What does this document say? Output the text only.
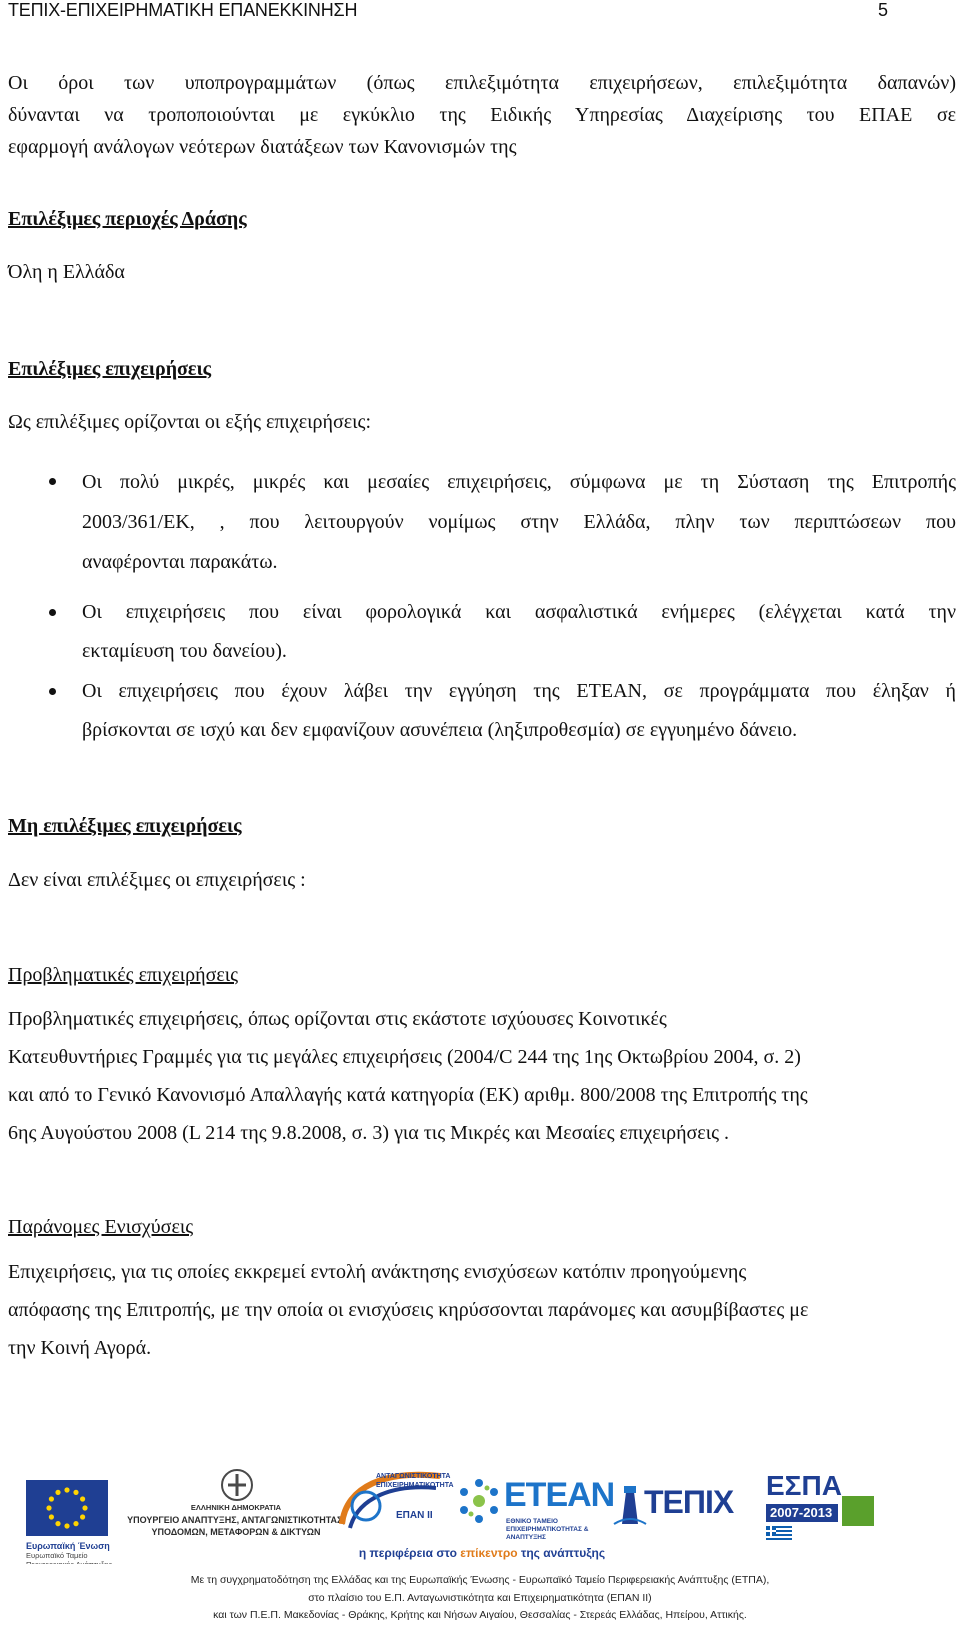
ΤΕΠΙΧ-ΕΠΙΧΕΙΡΗΜΑΤΙΚΗ ΕΠΑΝΕΚΚΙΝΗΣΗ	5
Οι όροι των υποπρογραμμάτων (όπως επιλεξιμότητα επιχειρήσεων, επιλεξιμότητα δαπανών)
δύνανται να τροποποιούνται με εγκύκλιο της Ειδικής Υπηρεσίας Διαχείρισης του ΕΠΑΕ σε
εφαρμογή ανάλογων νεότερων διατάξεων των Κανονισμών της
Επιλέξιμες περιοχές Δράσης
Όλη η Ελλάδα
Επιλέξιμες επιχειρήσεις
Ως επιλέξιμες ορίζονται οι εξής επιχειρήσεις:
Οι πολύ μικρές, μικρές και μεσαίες επιχειρήσεις, σύμφωνα με τη Σύσταση της Επιτροπής
2003/361/ΕΚ, , που λειτουργούν νομίμως στην Ελλάδα, πλην των περιπτώσεων που
αναφέρονται παρακάτω.
Οι επιχειρήσεις που είναι φορολογικά και ασφαλιστικά ενήμερες (ελέγχεται κατά την
εκταμίευση του δανείου).
Οι επιχειρήσεις που έχουν λάβει την εγγύηση της ΕΤΕΑΝ, σε προγράμματα που έληξαν ή
βρίσκονται σε ισχύ και δεν εμφανίζουν ασυνέπεια (ληξιπροθεσμία) σε εγγυημένο δάνειο.
Μη επιλέξιμες επιχειρήσεις
Δεν είναι επιλέξιμες οι επιχειρήσεις :
Προβληματικές επιχειρήσεις
Προβληματικές επιχειρήσεις, όπως ορίζονται στις εκάστοτε ισχύουσες Κοινοτικές
Κατευθυντήριες Γραμμές για τις μεγάλες επιχειρήσεις (2004/C 244 της 1ης Οκτωβρίου 2004, σ. 2)
και από το Γενικό Κανονισμό Απαλλαγής κατά κατηγορία (ΕΚ) αριθμ. 800/2008 της Επιτροπής της
6ης Αυγούστου 2008 (L 214 της 9.8.2008, σ. 3) για τις Μικρές και Μεσαίες επιχειρήσεις .
Παράνομες Ενισχύσεις
Επιχειρήσεις, για τις οποίες εκκρεμεί εντολή ανάκτησης ενισχύσεων κατόπιν προηγούμενης
απόφασης της Επιτροπής, με την οποία οι ενισχύσεις κηρύσσονται παράνομες και ασυμβίβαστες με
την Κοινή Αγορά.
Ευρωπαϊκή Ένωση
Ευρωπαϊκό Ταμείο
ΕΛΛΗΝΙΚΗ ΔΗΜΟΚΡΑΤΙΑ
ΥΠΟΥΡΓΕΙΟ ΑΝΑΠΤΥΞΗΣ, ΑΝΤΑΓΩΝΙΣΤΙΚΟΤΗΤΑΣ, ΥΠΟΔΟΜΩΝ, ΜΕΤΑΦΟΡΩΝ & ΔΙΚΤΥΩΝ
ΑΝΤΑΓΩΝΙΣΤΙΚΟΤΗΤΑ ΕΠΙΧΕΙΡΗΜΑΤΙΚΟΤΗΤΑ
ΕΠΑΝ ΙΙ
ΕΤΕΑΝ
ΕΘΝΙΚΟ ΤΑΜΕΙΟ ΕΠΙΧΕΙΡΗΜΑΤΙΚΟΤΗΤΑΣ & ΑΝΑΠΤΥΞΗΣ
ΤΕΠΙΧ ΕΣΠΑ
2007-2013
η περιφέρεια στο επίκεντρο της ανάπτυξης
Με τη συγχρηματοδότηση της Ελλάδας και της Ευρωπαϊκής Ένωσης - Ευρωπαϊκό Ταμείο Περιφερειακής Ανάπτυξης (ΕΤΠΑ),
στο πλαίσιο του Ε.Π. Ανταγωνιστικότητα και Επιχειρηματικότητα (ΕΠΑΝ ΙΙ)
και των Π.Ε.Π. Μακεδονίας - Θράκης, Κρήτης και Νήσων Αιγαίου, Θεσσαλίας - Στερεάς Ελλάδας, Ηπείρου, Αττικής.
